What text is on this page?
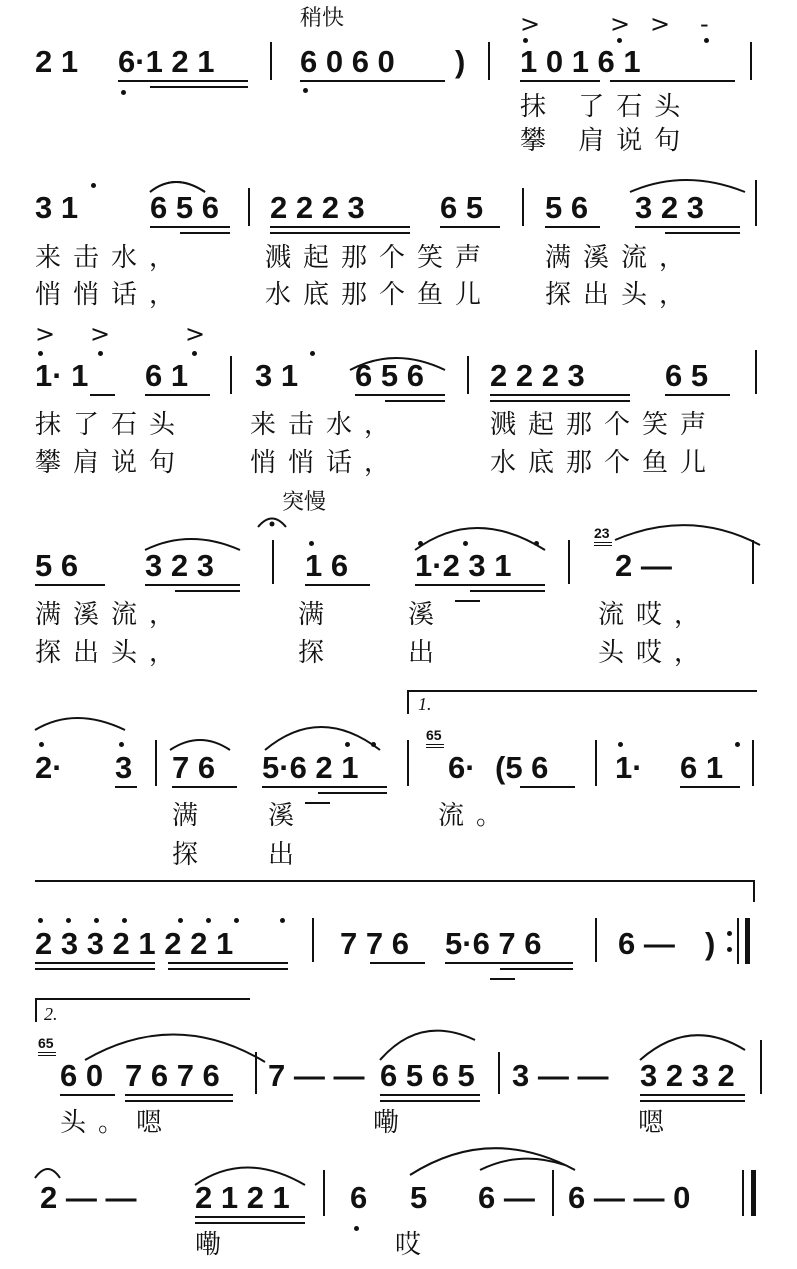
稍快
2 1 6·1 2 1	6 0 6 0 )
>	> > -
1 0 1 6 1
抹 了石头
攀 肩说句
3 1 6 5 6 2 2 2 3 6 5 5 6 3 2 3
来击水，	溅起那个笑声 满溪流，
悄悄话，	水底那个鱼儿 探出头，
> >	>
1· 1 6 1 3 1 6 5 6 2 2 2 3	6 5
抹了石头 来击水，	溅起那个笑声
攀肩说句 悄悄话，	水底那个鱼儿
突慢
5 6 3 2 3	1 6 1·2 3 1
23
2 —
满溪流，	满	溪	流哎，
探出头，	探	出	头哎，
1.
2· 3 7 6 5·6 2 1
65
6· (5 6 1· 6 1
满 溪	流。
探 出
2 3 3 2 1 2 2 1	7 7 6 5·6 7 6 6 — )
2.
65
6 0 7 6 7 6 7 — — 6 5 6 5 3 — — 3 2 3 2
头。嗯	嘞	嗯
2 — — 2 1 2 1 6 5 6 — 6 — — 0
嘞	哎
